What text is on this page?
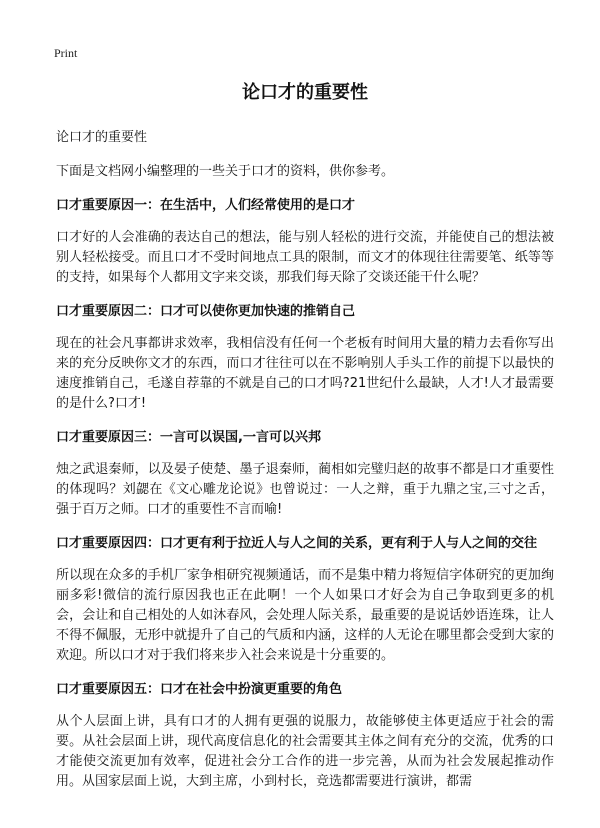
Print
论口才的重要性
论口才的重要性
下面是文档网小编整理的一些关于口才的资料，供你参考。
口才重要原因一：在生活中，人们经常使用的是口才
口才好的人会准确的表达自己的想法，能与别人轻松的进行交流，并能使自己的想法被别人轻松接受。而且口才不受时间地点工具的限制，而文才的体现往往需要笔、纸等等的支持，如果每个人都用文字来交谈，那我们每天除了交谈还能干什么呢？
口才重要原因二：口才可以使你更加快速的推销自己
现在的社会凡事都讲求效率，我相信没有任何一个老板有时间用大量的精力去看你写出来的充分反映你文才的东西，而口才往往可以在不影响别人手头工作的前提下以最快的速度推销自己，毛遂自荐靠的不就是自己的口才吗?21世纪什么最缺，人才!人才最需要的是什么?口才!
口才重要原因三：一言可以误国,一言可以兴邦
烛之武退秦师，以及晏子使楚、墨子退秦师，蔺相如完璧归赵的故事不都是口才重要性的体现吗？刘勰在《文心雕龙论说》也曾说过：一人之辩，重于九鼎之宝,三寸之舌，强于百万之师。口才的重要性不言而喻!
口才重要原因四：口才更有利于拉近人与人之间的关系，更有利于人与人之间的交往
所以现在众多的手机厂家争相研究视频通话，而不是集中精力将短信字体研究的更加绚丽多彩!微信的流行原因我也正在此啊！一个人如果口才好会为自己争取到更多的机会，会让和自己相处的人如沐春风，会处理人际关系，最重要的是说话妙语连珠，让人不得不佩服，无形中就提升了自己的气质和内涵，这样的人无论在哪里都会受到大家的欢迎。所以口才对于我们将来步入社会来说是十分重要的。
口才重要原因五：口才在社会中扮演更重要的角色
从个人层面上讲，具有口才的人拥有更强的说服力，故能够使主体更适应于社会的需要。从社会层面上讲，现代高度信息化的社会需要其主体之间有充分的交流，优秀的口才能使交流更加有效率，促进社会分工合作的进一步完善，从而为社会发展起推动作用。从国家层面上说，大到主席，小到村长，竞选都需要进行演讲，都需
